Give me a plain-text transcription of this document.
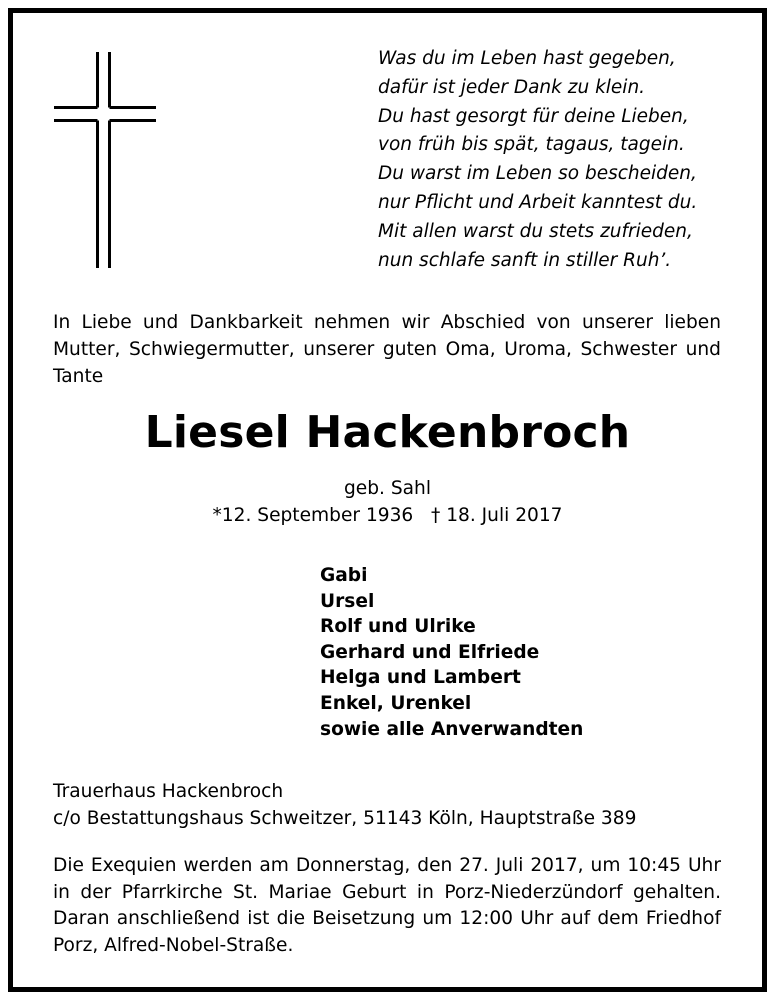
Was du im Leben hast gegeben,
dafür ist jeder Dank zu klein.
Du hast gesorgt für deine Lieben,
von früh bis spät, tagaus, tagein.
Du warst im Leben so bescheiden,
nur Pflicht und Arbeit kanntest du.
Mit allen warst du stets zufrieden,
nun schlafe sanft in stiller Ruh’.
In Liebe und Dankbarkeit nehmen wir Abschied von unserer lieben
Mutter, Schwiegermutter, unserer guten Oma, Uroma, Schwester und
Tante
Liesel Hackenbroch
geb. Sahl
*12. September 1936   † 18. Juli 2017
Gabi
Ursel
Rolf und Ulrike
Gerhard und Elfriede
Helga und Lambert
Enkel, Urenkel
sowie alle Anverwandten
Trauerhaus Hackenbroch
c/o Bestattungshaus Schweitzer, 51143 Köln, Hauptstraße 389
Die Exequien werden am Donnerstag, den 27. Juli 2017, um 10:45 Uhr
in der Pfarrkirche St. Mariae Geburt in Porz-Niederzündorf gehalten.
Daran anschließend ist die Beisetzung um 12:00 Uhr auf dem Friedhof
Porz, Alfred-Nobel-Straße.
